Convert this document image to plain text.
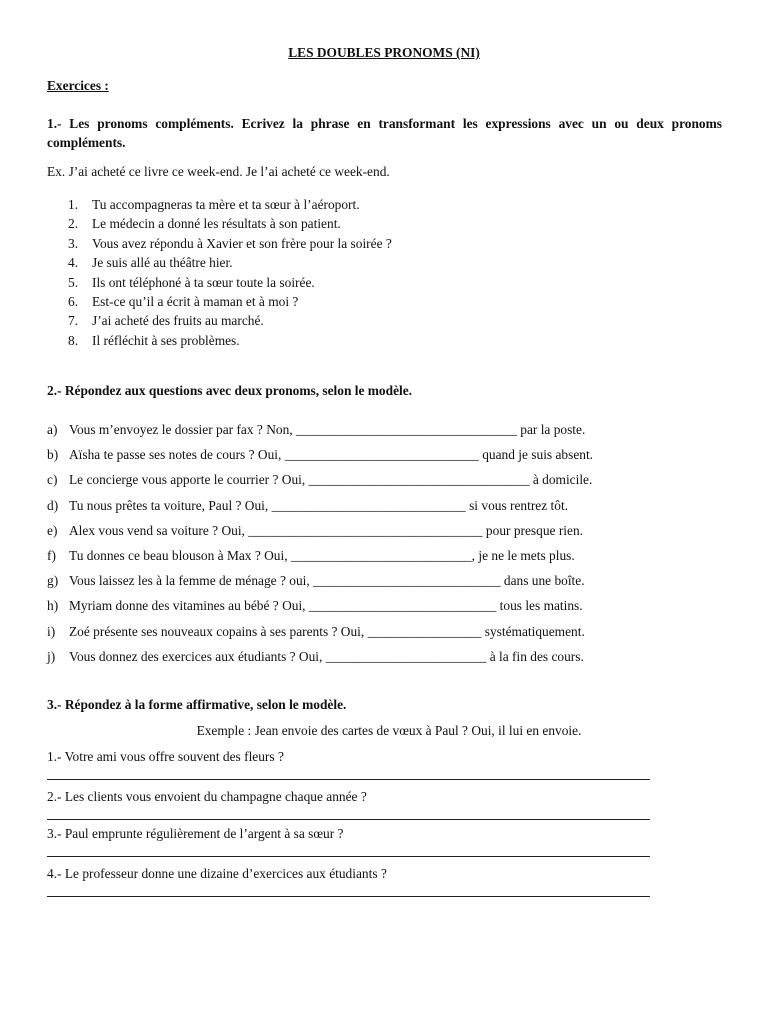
LES DOUBLES PRONOMS (NI)
Exercices :
1.- Les pronoms compléments. Ecrivez la phrase en transformant les expressions avec un ou deux pronoms compléments.
Ex. J’ai acheté ce livre ce week-end. Je l’ai acheté ce week-end.
1. Tu accompagneras ta mère et ta sœur à l’aéroport.
2. Le médecin a donné les résultats à son patient.
3. Vous avez répondu à Xavier et son frère pour la soirée ?
4. Je suis allé au théâtre hier.
5. Ils ont téléphoné à ta sœur toute la soirée.
6. Est-ce qu’il a écrit à maman et à moi ?
7. J’ai acheté des fruits au marché.
8. Il réfléchit à ses problèmes.
2.- Répondez aux questions avec deux pronoms, selon le modèle.
a) Vous m’envoyez le dossier par fax ? Non, _________________________________ par la poste.
b) Aïsha te passe ses notes de cours ? Oui, _____________________________ quand je suis absent.
c) Le concierge vous apporte le courrier ? Oui, _________________________________ à domicile.
d) Tu nous prêtes ta voiture, Paul ? Oui, _____________________________ si vous rentrez tôt.
e) Alex vous vend sa voiture ? Oui, ___________________________________ pour presque rien.
f) Tu donnes ce beau blouson à Max ? Oui, ___________________________, je ne le mets plus.
g) Vous laissez les à la femme de ménage ? oui, ____________________________ dans une boîte.
h) Myriam donne des vitamines au bébé ? Oui, ____________________________ tous les matins.
i) Zoé présente ses nouveaux copains à ses parents ? Oui, _________________ systématiquement.
j) Vous donnez des exercices aux étudiants ? Oui, ________________________ à la fin des cours.
3.- Répondez à la forme affirmative, selon le modèle.
Exemple : Jean envoie des cartes de vœux à Paul ? Oui, il lui en envoie.
1.- Votre ami vous offre souvent des fleurs ?
2.- Les clients vous envoient du champagne chaque année ?
3.- Paul emprunte régulièrement de l’argent à sa sœur ?
4.- Le professeur donne une dizaine d’exercices aux étudiants ?
